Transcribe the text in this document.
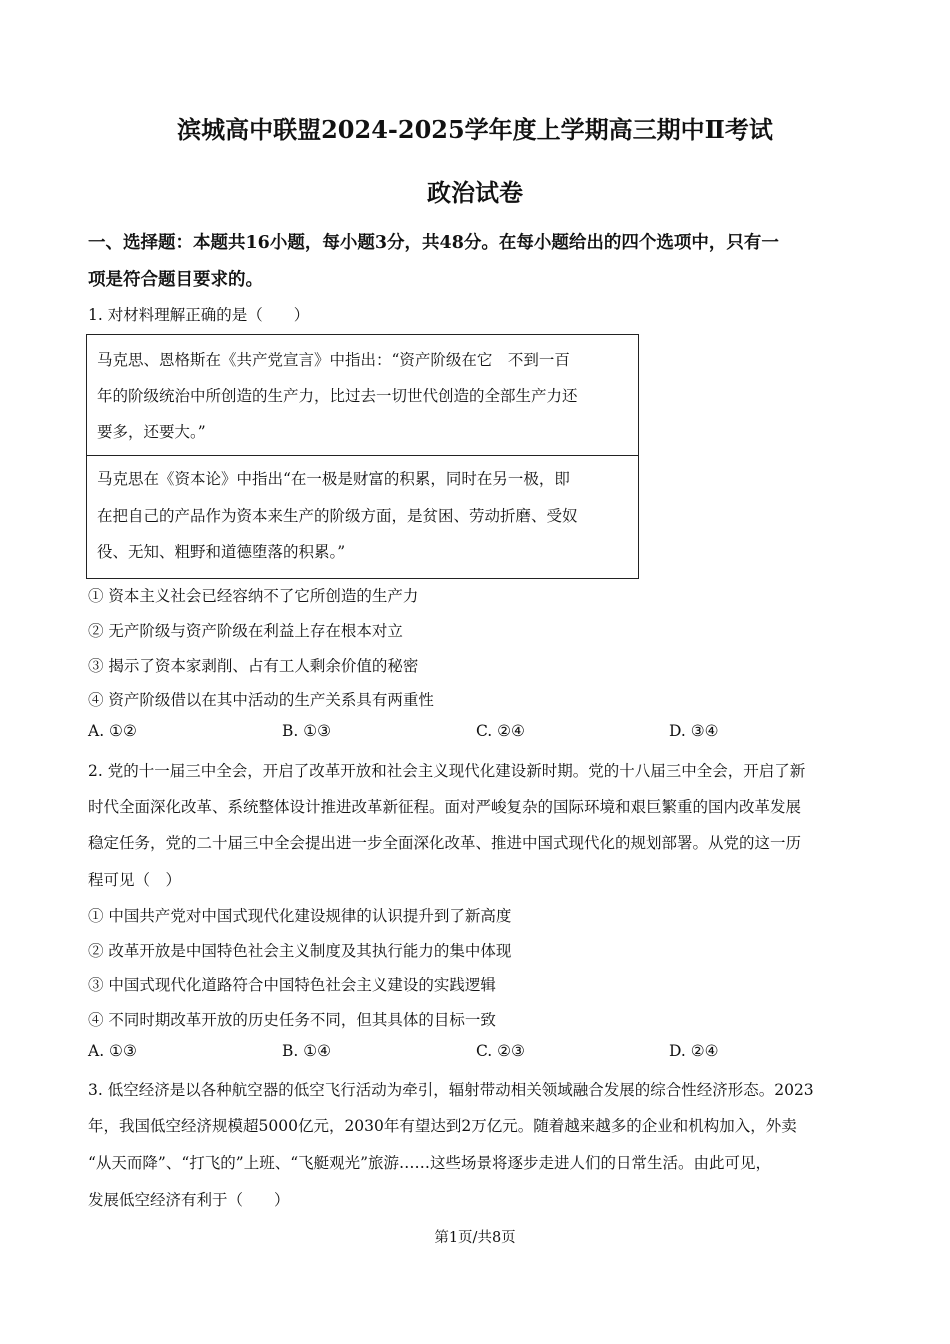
滨城高中联盟2024-2025学年度上学期高三期中Ⅱ考试
政治试卷
一、选择题：本题共16小题，每小题3分，共48分。在每小题给出的四个选项中，只有一
项是符合题目要求的。
1. 对材料理解正确的是（　　）
马克思、恩格斯在《共产党宣言》中指出：“资产阶级在它　不到一百
年的阶级统治中所创造的生产力，比过去一切世代创造的全部生产力还
要多，还要大。”
马克思在《资本论》中指出“在一极是财富的积累，同时在另一极，即
在把自己的产品作为资本来生产的阶级方面，是贫困、劳动折磨、受奴
役、无知、粗野和道德堕落的积累。”
① 资本主义社会已经容纳不了它所创造的生产力
② 无产阶级与资产阶级在利益上存在根本对立
③ 揭示了资本家剥削、占有工人剩余价值的秘密
④ 资产阶级借以在其中活动的生产关系具有两重性
A. ①②	B. ①③	C. ②④	D. ③④
2. 党的十一届三中全会，开启了改革开放和社会主义现代化建设新时期。党的十八届三中全会，开启了新
时代全面深化改革、系统整体设计推进改革新征程。面对严峻复杂的国际环境和艰巨繁重的国内改革发展
稳定任务，党的二十届三中全会提出进一步全面深化改革、推进中国式现代化的规划部署。从党的这一历
程可见（　）
① 中国共产党对中国式现代化建设规律的认识提升到了新高度
② 改革开放是中国特色社会主义制度及其执行能力的集中体现
③ 中国式现代化道路符合中国特色社会主义建设的实践逻辑
④ 不同时期改革开放的历史任务不同，但其具体的目标一致
A. ①③	B. ①④	C. ②③	D. ②④
3. 低空经济是以各种航空器的低空飞行活动为牵引，辐射带动相关领域融合发展的综合性经济形态。2023
年，我国低空经济规模超5000亿元，2030年有望达到2万亿元。随着越来越多的企业和机构加入，外卖
“从天而降”、“打飞的”上班、“飞艇观光”旅游……这些场景将逐步走进人们的日常生活。由此可见，
发展低空经济有利于（　　）
第1页/共8页
